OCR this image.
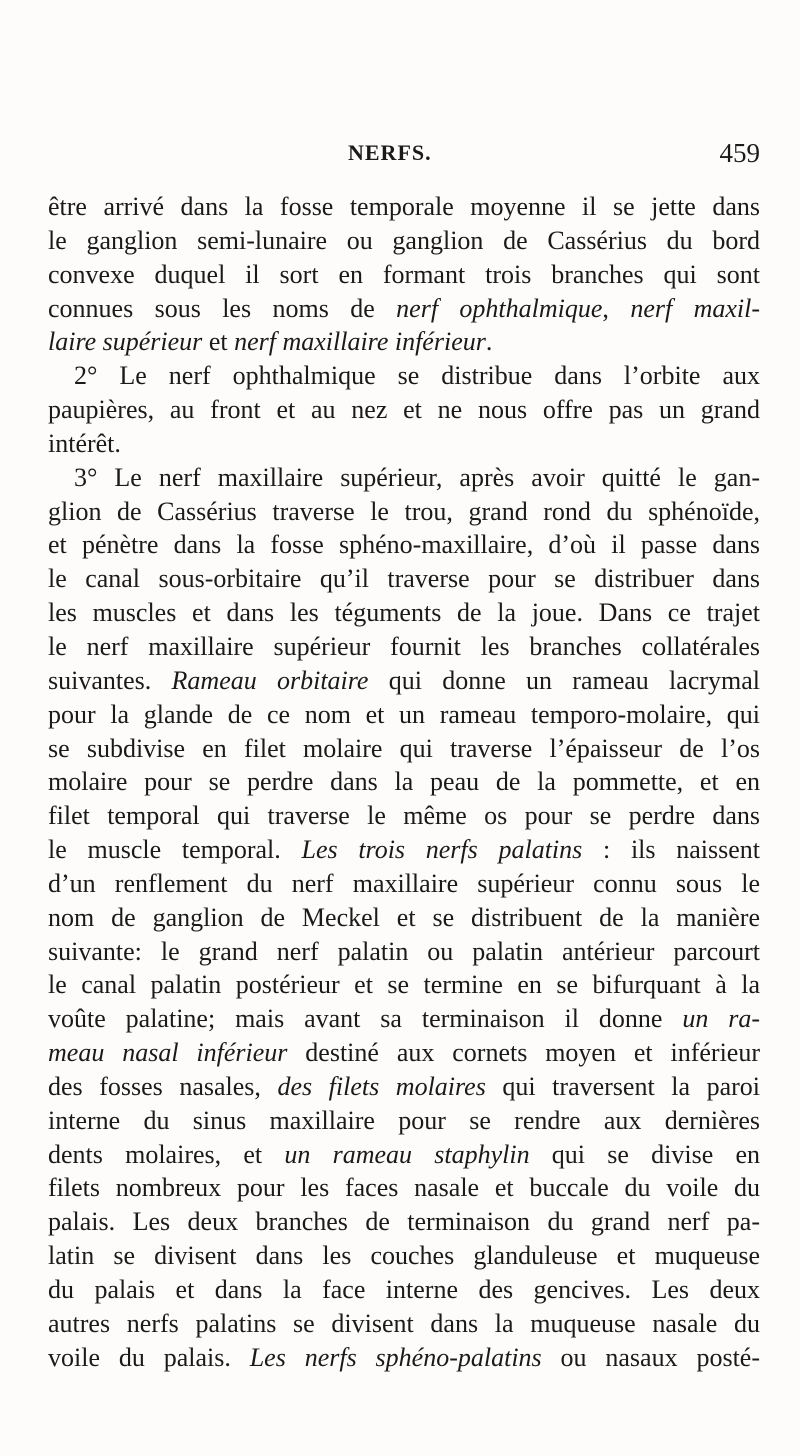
NERFS.	459
être arrivé dans la fosse temporale moyenne il se jette dans
le ganglion semi-lunaire ou ganglion de Cassérius du bord
convexe duquel il sort en formant trois branches qui sont
connues sous les noms de nerf ophthalmique, nerf maxil-
laire supérieur et nerf maxillaire inférieur.
2° Le nerf ophthalmique se distribue dans l’orbite aux
paupières, au front et au nez et ne nous offre pas un grand
intérêt.
3° Le nerf maxillaire supérieur, après avoir quitté le gan-
glion de Cassérius traverse le trou, grand rond du sphénoïde,
et pénètre dans la fosse sphéno-maxillaire, d’où il passe dans
le canal sous-orbitaire qu’il traverse pour se distribuer dans
les muscles et dans les téguments de la joue. Dans ce trajet
le nerf maxillaire supérieur fournit les branches collatérales
suivantes. Rameau orbitaire qui donne un rameau lacrymal
pour la glande de ce nom et un rameau temporo-molaire, qui
se subdivise en filet molaire qui traverse l’épaisseur de l’os
molaire pour se perdre dans la peau de la pommette, et en
filet temporal qui traverse le même os pour se perdre dans
le muscle temporal. Les trois nerfs palatins : ils naissent
d’un renflement du nerf maxillaire supérieur connu sous le
nom de ganglion de Meckel et se distribuent de la manière
suivante: le grand nerf palatin ou palatin antérieur parcourt
le canal palatin postérieur et se termine en se bifurquant à la
voûte palatine; mais avant sa terminaison il donne un ra-
meau nasal inférieur destiné aux cornets moyen et inférieur
des fosses nasales, des filets molaires qui traversent la paroi
interne du sinus maxillaire pour se rendre aux dernières
dents molaires, et un rameau staphylin qui se divise en
filets nombreux pour les faces nasale et buccale du voile du
palais. Les deux branches de terminaison du grand nerf pa-
latin se divisent dans les couches glanduleuse et muqueuse
du palais et dans la face interne des gencives. Les deux
autres nerfs palatins se divisent dans la muqueuse nasale du
voile du palais. Les nerfs sphéno-palatins ou nasaux posté-
